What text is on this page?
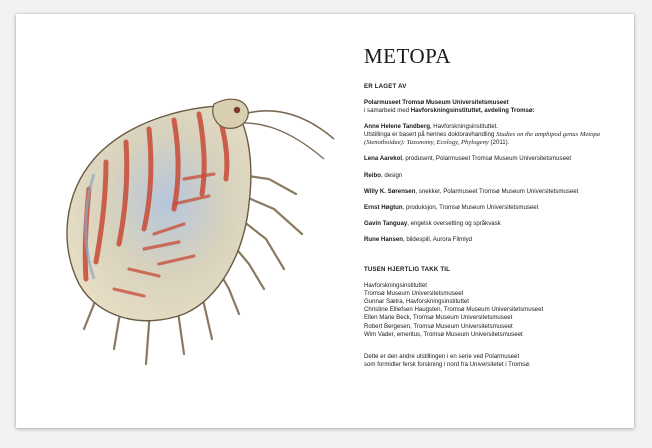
METOPA
ER LAGET AV
Polarmuseet Tromsø Museum Universitetsmuseet
i samarbeid med Havforskningsinstituttet, avdeling Tromsø:
Anne Helene Tandberg, Havforskningsinstituttet.
Utstillinga er basert på hennes doktoravhandling Studies on the amphipod genus Metopa (Stenothoidae): Taxonomy, Ecology, Phylogeny (2011).
Lena Aarekol, produsent, Polarmuseet Tromsø Museum Universitetsmuseet
Reibo, design
Willy K. Sørensen, snekker, Polarmuseet Tromsø Museum Universitetsmuseet
Ernst Høgtun, produksjon, Tromsø Museum Universitetsmuseet
Gavin Tanguay, engelsk oversetting og språkvask
Rune Hansen, bildespill, Aurora Filmlyd
TUSEN HJERTLIG TAKK TIL
Havforskningsinstituttet
Tromsø Museum Universitetsmuseet
Gunnar Sætra, Havforskningsinstituttet
Christine Elliefsen Haugsten, Tromsø Museum Universitetsmuseet
Ellen Marie Beck, Tromsø Museum Universitetsmuseet
Robert Bergesen, Tromsø Museum Universitetsmuseet
Wim Vader, emeritus, Tromsø Museum Universitetsmuseet
Dette er den andre utstillingen i en serie ved Polarmuseet
som formidler fersk forskning i nord fra Universitetet i Tromsø.
